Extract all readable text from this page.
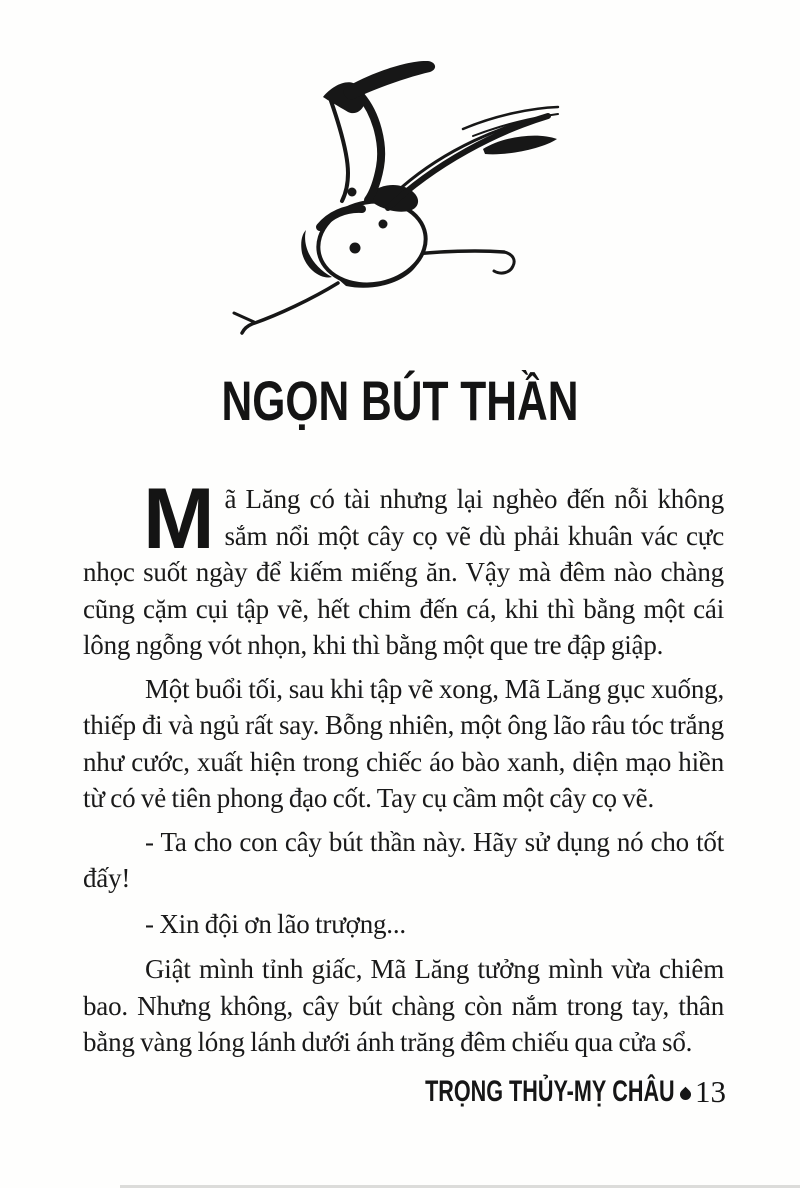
NGỌN BÚT THẦN

Mã Lăng có tài nhưng lại nghèo đến nỗi không sắm nổi một cây cọ vẽ dù phải khuân vác cực nhọc suốt ngày để kiếm miếng ăn. Vậy mà đêm nào chàng cũng cặm cụi tập vẽ, hết chim đến cá, khi thì bằng một cái lông ngỗng vót nhọn, khi thì bằng một que tre đập giập.

Một buổi tối, sau khi tập vẽ xong, Mã Lăng gục xuống, thiếp đi và ngủ rất say. Bỗng nhiên, một ông lão râu tóc trắng như cước, xuất hiện trong chiếc áo bào xanh, diện mạo hiền từ có vẻ tiên phong đạo cốt. Tay cụ cầm một cây cọ vẽ.

- Ta cho con cây bút thần này. Hãy sử dụng nó cho tốt đấy!

- Xin đội ơn lão trượng...

Giật mình tỉnh giấc, Mã Lăng tưởng mình vừa chiêm bao. Nhưng không, cây bút chàng còn nắm trong tay, thân bằng vàng lóng lánh dưới ánh trăng đêm chiếu qua cửa sổ.

TRỌNG THỦY-MỴ CHÂU 13
